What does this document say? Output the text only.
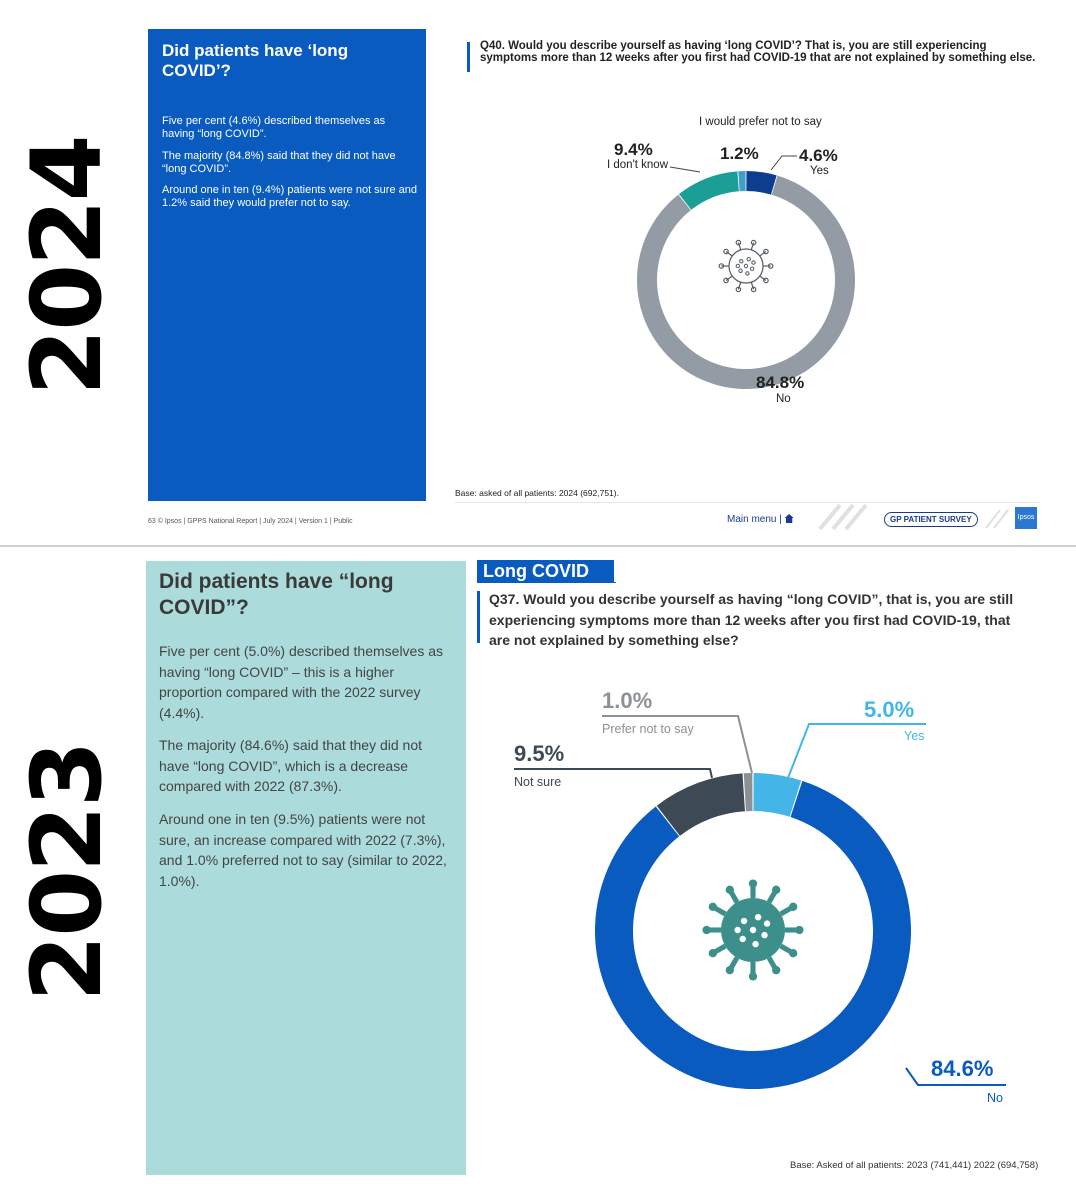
2024
2023
Did patients have ‘long COVID’?

Five per cent (4.6%) described themselves as having “long COVID”.

The majority (84.8%) said that they did not have “long COVID”.

Around one in ten (9.4%) patients were not sure and 1.2% said they would prefer not to say.

Q40. Would you describe yourself as having ‘long COVID’? That is, you are still experiencing symptoms more than 12 weeks after you first had COVID-19 that are not explained by something else.
I would prefer not to say
1.2%
9.4%
I don't know	4.6%
Yes
84.8%
No
Base: asked of all patients: 2024 (692,751).
63 © Ipsos | GPPS National Report | July 2024 | Version 1 | Public	Main menu |	GP PATIENT SURVEY	Ipsos
Did patients have “long COVID”?

Five per cent (5.0%) described themselves as having “long COVID” – this is a higher proportion compared with the 2022 survey (4.4%).

The majority (84.6%) said that they did not have “long COVID”, which is a decrease compared with 2022 (87.3%).

Around one in ten (9.5%) patients were not sure, an increase compared with 2022 (7.3%), and 1.0% preferred not to say (similar to 2022, 1.0%).

Long COVID
Q37. Would you describe yourself as having “long COVID”, that is, you are still experiencing symptoms more than 12 weeks after you first had COVID-19, that are not explained by something else?
1.0%
Prefer not to say
9.5%
Not sure
5.0%
Yes
84.6%
No
Base: Asked of all patients: 2023 (741,441) 2022 (694,758)
